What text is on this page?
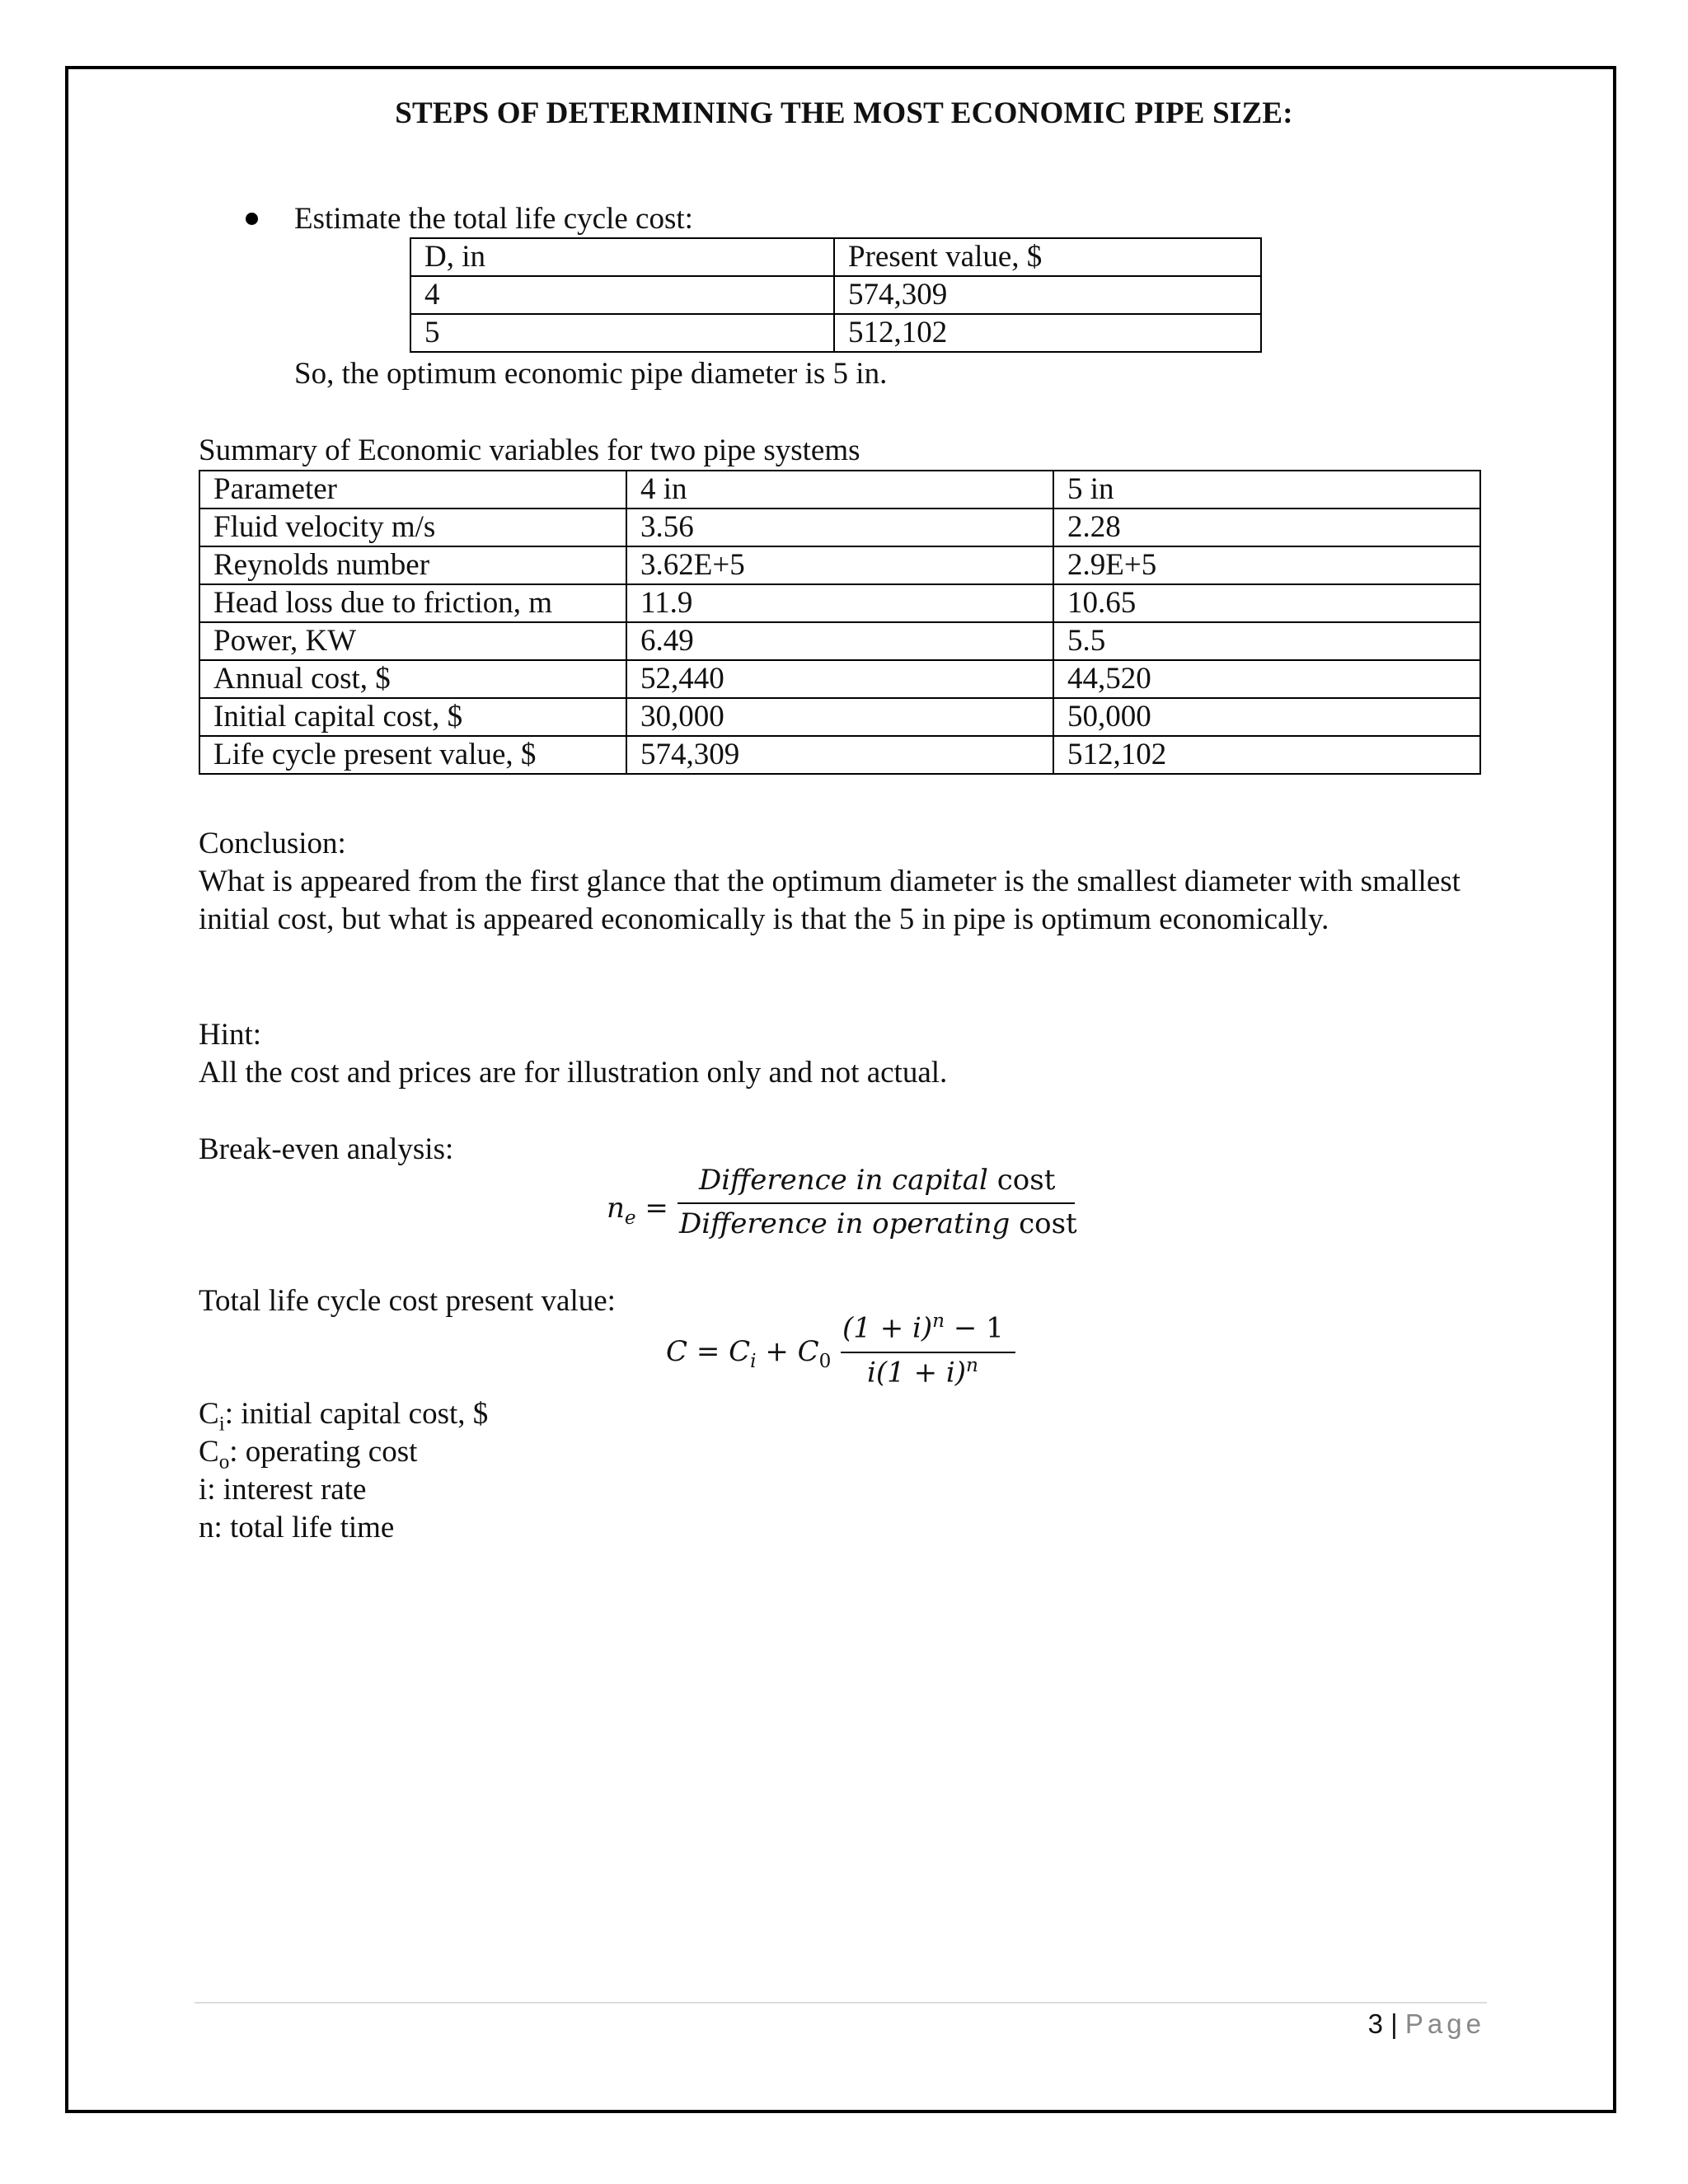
STEPS OF DETERMINING THE MOST ECONOMIC PIPE SIZE:
Estimate the total life cycle cost:
D, in	Present value, $
4	574,309
5	512,102
So, the optimum economic pipe diameter is 5 in.
Summary of Economic variables for two pipe systems
Parameter	4 in	5 in
Fluid velocity m/s	3.56	2.28
Reynolds number	3.62E+5	2.9E+5
Head loss due to friction, m	11.9	10.65
Power, KW	6.49	5.5
Annual cost, $	52,440	44,520
Initial capital cost, $	30,000	50,000
Life cycle present value, $	574,309	512,102
Conclusion:
What is appeared from the first glance that the optimum diameter is the smallest diameter with smallest initial cost, but what is appeared economically is that the 5 in pipe is optimum economically.
Hint:
All the cost and prices are for illustration only and not actual.
Break-even analysis:
$n_e$ =
Difference in capital cost
Difference in operating cost
Total life cycle cost present value:
$C = C_i + C_0$
$(1 + i)^n - 1$
$i(1 + i)^n$
$C_i$: initial capital cost, $
$C_o$: operating cost
i: interest rate
n: total life time
3 | Page
